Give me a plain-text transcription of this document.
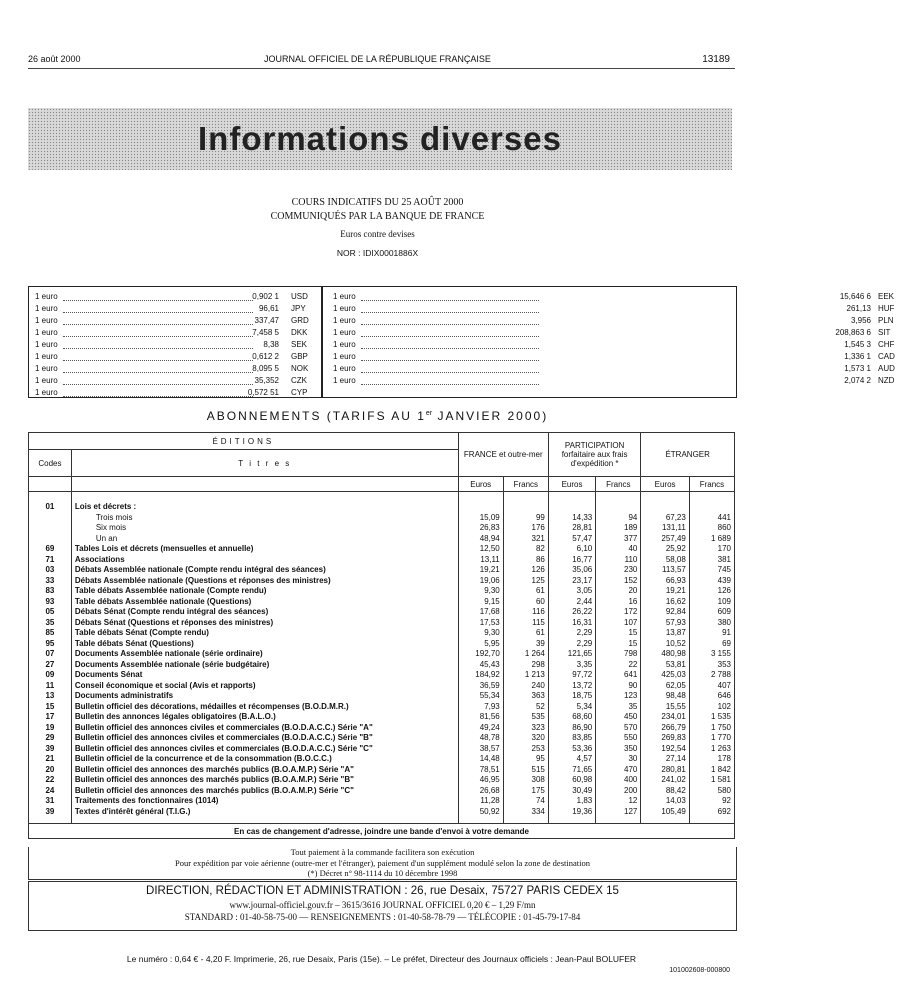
26 août 2000	JOURNAL OFFICIEL DE LA RÉPUBLIQUE FRANÇAISE	13189
Informations diverses
COURS INDICATIFS DU 25 AOÛT 2000
COMMUNIQUÉS PAR LA BANQUE DE FRANCE
Euros contre devises
NOR : IDIX0001886X
1 euro	0,902 1 USD
1 euro	96,61 JPY
1 euro	337,47 GRD
1 euro	7,458 5 DKK
1 euro	8,38 SEK
1 euro	0,612 2 GBP
1 euro	8,095 5 NOK
1 euro	35,352 CZK
1 euro	0,572 51 CYP
1 euro	15,646 6 EEK
1 euro	261,13 HUF
1 euro	3,956 PLN
1 euro	208,863 6 SIT
1 euro	1,545 3 CHF
1 euro	1,336 1 CAD
1 euro	1,573 1 AUD
1 euro	2,074 2 NZD
ABONNEMENTS (TARIFS AU 1er JANVIER 2000)
ÉDITIONS		FRANCE et outre-mer		PARTICIPATION forfaitaire aux frais d'expédition *		ÉTRANGER	
Codes	T i t r e s						
		Euros	Francs	Euros	Francs	Euros	Francs

01	Lois et décrets :						
	Trois mois	15,09	99	14,33	94	67,23	441
	Six mois	26,83	176	28,81	189	131,11	860
	Un an	48,94	321	57,47	377	257,49	1 689
69	Tables Lois et décrets (mensuelles et annuelle)	12,50	82	6,10	40	25,92	170
71	Associations	13,11	86	16,77	110	58,08	381
03	Débats Assemblée nationale (Compte rendu intégral des séances)	19,21	126	35,06	230	113,57	745
33	Débats Assemblée nationale (Questions et réponses des ministres)	19,06	125	23,17	152	66,93	439
83	Table débats Assemblée nationale (Compte rendu)	9,30	61	3,05	20	19,21	126
93	Table débats Assemblée nationale (Questions)	9,15	60	2,44	16	16,62	109
05	Débats Sénat (Compte rendu intégral des séances)	17,68	116	26,22	172	92,84	609
35	Débats Sénat (Questions et réponses des ministres)	17,53	115	16,31	107	57,93	380
85	Table débats Sénat (Compte rendu)	9,30	61	2,29	15	13,87	91
95	Table débats Sénat (Questions)	5,95	39	2,29	15	10,52	69
07	Documents Assemblée nationale (série ordinaire)	192,70	1 264	121,65	798	480,98	3 155
27	Documents Assemblée nationale (série budgétaire)	45,43	298	3,35	22	53,81	353
09	Documents Sénat	184,92	1 213	97,72	641	425,03	2 788
11	Conseil économique et social (Avis et rapports)	36,59	240	13,72	90	62,05	407
13	Documents administratifs	55,34	363	18,75	123	98,48	646
15	Bulletin officiel des décorations, médailles et récompenses (B.O.D.M.R.)	7,93	52	5,34	35	15,55	102
17	Bulletin des annonces légales obligatoires (B.A.L.O.)	81,56	535	68,60	450	234,01	1 535
19	Bulletin officiel des annonces civiles et commerciales (B.O.D.A.C.C.) Série "A"	49,24	323	86,90	570	266,79	1 750
29	Bulletin officiel des annonces civiles et commerciales (B.O.D.A.C.C.) Série "B"	48,78	320	83,85	550	269,83	1 770
39	Bulletin officiel des annonces civiles et commerciales (B.O.D.A.C.C.) Série "C"	38,57	253	53,36	350	192,54	1 263
21	Bulletin officiel de la concurrence et de la consommation (B.O.C.C.)	14,48	95	4,57	30	27,14	178
20	Bulletin officiel des annonces des marchés publics (B.O.A.M.P.) Série "A"	78,51	515	71,65	470	280,81	1 842
22	Bulletin officiel des annonces des marchés publics (B.O.A.M.P.) Série "B"	46,95	308	60,98	400	241,02	1 581
24	Bulletin officiel des annonces des marchés publics (B.O.A.M.P.) Série "C"	26,68	175	30,49	200	88,42	580
31	Traitements des fonctionnaires (1014)	11,28	74	1,83	12	14,03	92
39	Textes d'intérêt général (T.I.G.)	50,92	334	19,36	127	105,49	692

En cas de changement d'adresse, joindre une bande d'envoi à votre demande							
Tout paiement à la commande facilitera son exécution
Pour expédition par voie aérienne (outre-mer et l'étranger), paiement d'un supplément modulé selon la zone de destination
(*) Décret n° 98-1114 du 10 décembre 1998
DIRECTION, RÉDACTION ET ADMINISTRATION : 26, rue Desaix, 75727 PARIS CEDEX 15
www.journal-officiel.gouv.fr – 3615/3616 JOURNAL OFFICIEL 0,20 € – 1,29 F/mn
STANDARD : 01-40-58-75-00 — RENSEIGNEMENTS : 01-40-58-78-79 — TÉLÉCOPIE : 01-45-79-17-84
Le numéro : 0,64 € - 4,20 F. Imprimerie, 26, rue Desaix, Paris (15e). – Le préfet, Directeur des Journaux officiels : Jean-Paul BOLUFER
101002608-000800
